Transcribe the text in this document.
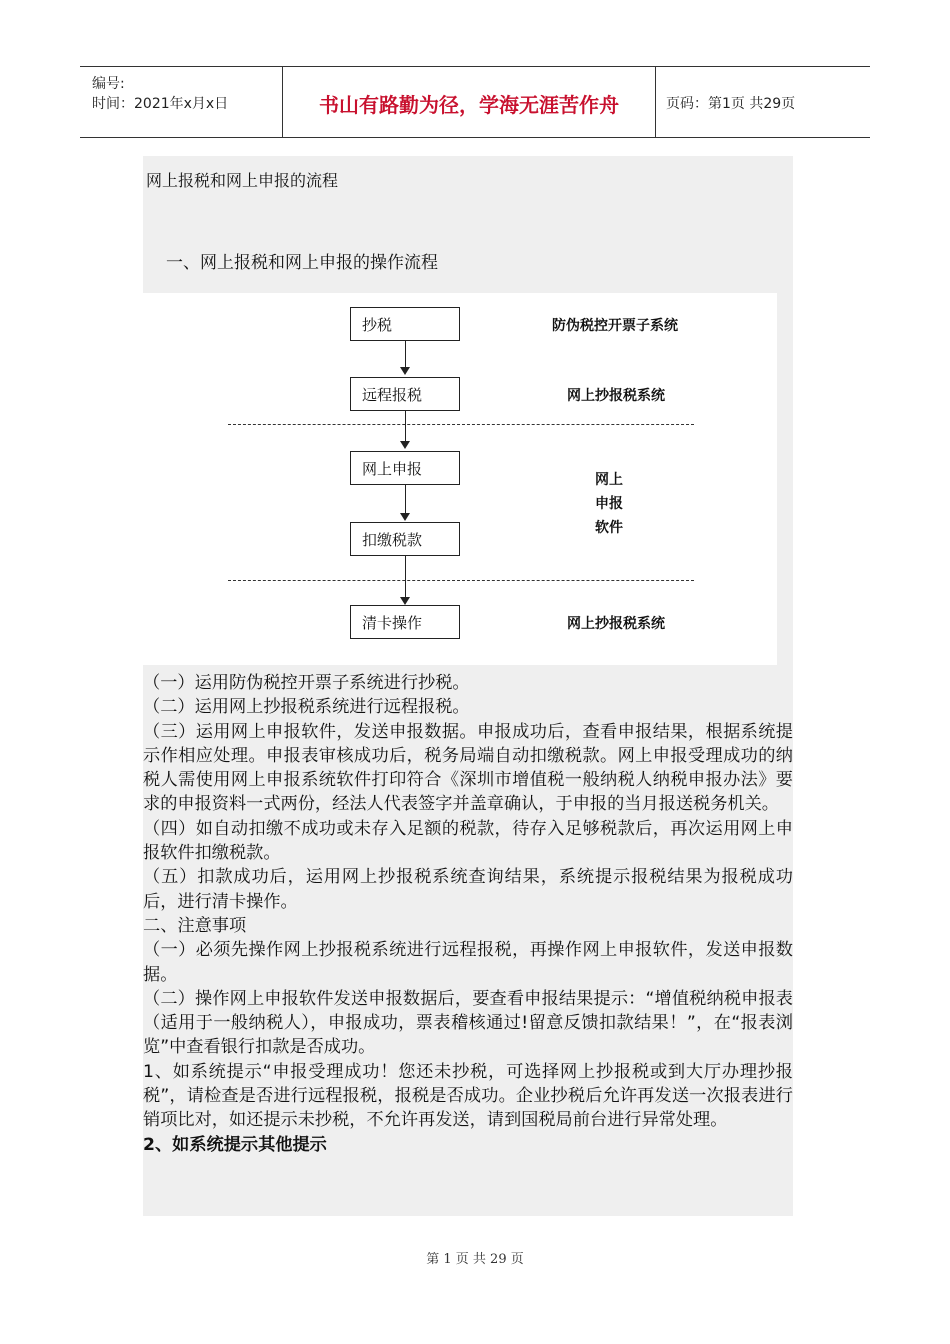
编号:
时间：2021年x月x日	书山有路勤为径，学海无涯苦作舟	页码：第1页 共29页
网上报税和网上申报的流程
一、网上报税和网上申报的操作流程
抄税
远程报税
网上申报
扣缴税款
清卡操作
防伪税控开票子系统
网上抄报税系统
网上
申报
软件
网上抄报税系统

（一）运用防伪税控开票子系统进行抄税。

（二）运用网上抄报税系统进行远程报税。

（三）运用网上申报软件，发送申报数据。申报成功后，查看申报结果，根据系统提示作相应处理。申报表审核成功后，税务局端自动扣缴税款。网上申报受理成功的纳税人需使用网上申报系统软件打印符合《深圳市增值税一般纳税人纳税申报办法》要求的申报资料一式两份，经法人代表签字并盖章确认，于申报的当月报送税务机关。

（四）如自动扣缴不成功或未存入足额的税款，待存入足够税款后，再次运用网上申报软件扣缴税款。

（五）扣款成功后，运用网上抄报税系统查询结果，系统提示报税结果为报税成功后，进行清卡操作。

二、注意事项

（一）必须先操作网上抄报税系统进行远程报税，再操作网上申报软件，发送申报数据。

（二）操作网上申报软件发送申报数据后，要查看申报结果提示：“增值税纳税申报表（适用于一般纳税人），申报成功，票表稽核通过!留意反馈扣款结果！”，在“报表浏览”中查看银行扣款是否成功。

1、如系统提示“申报受理成功！您还未抄税，可选择网上抄报税或到大厅办理抄报税”，请检查是否进行远程报税，报税是否成功。企业抄税后允许再发送一次报表进行销项比对，如还提示未抄税，不允许再发送，请到国税局前台进行异常处理。

2、如系统提示其他提示

第 1 页 共 29 页
